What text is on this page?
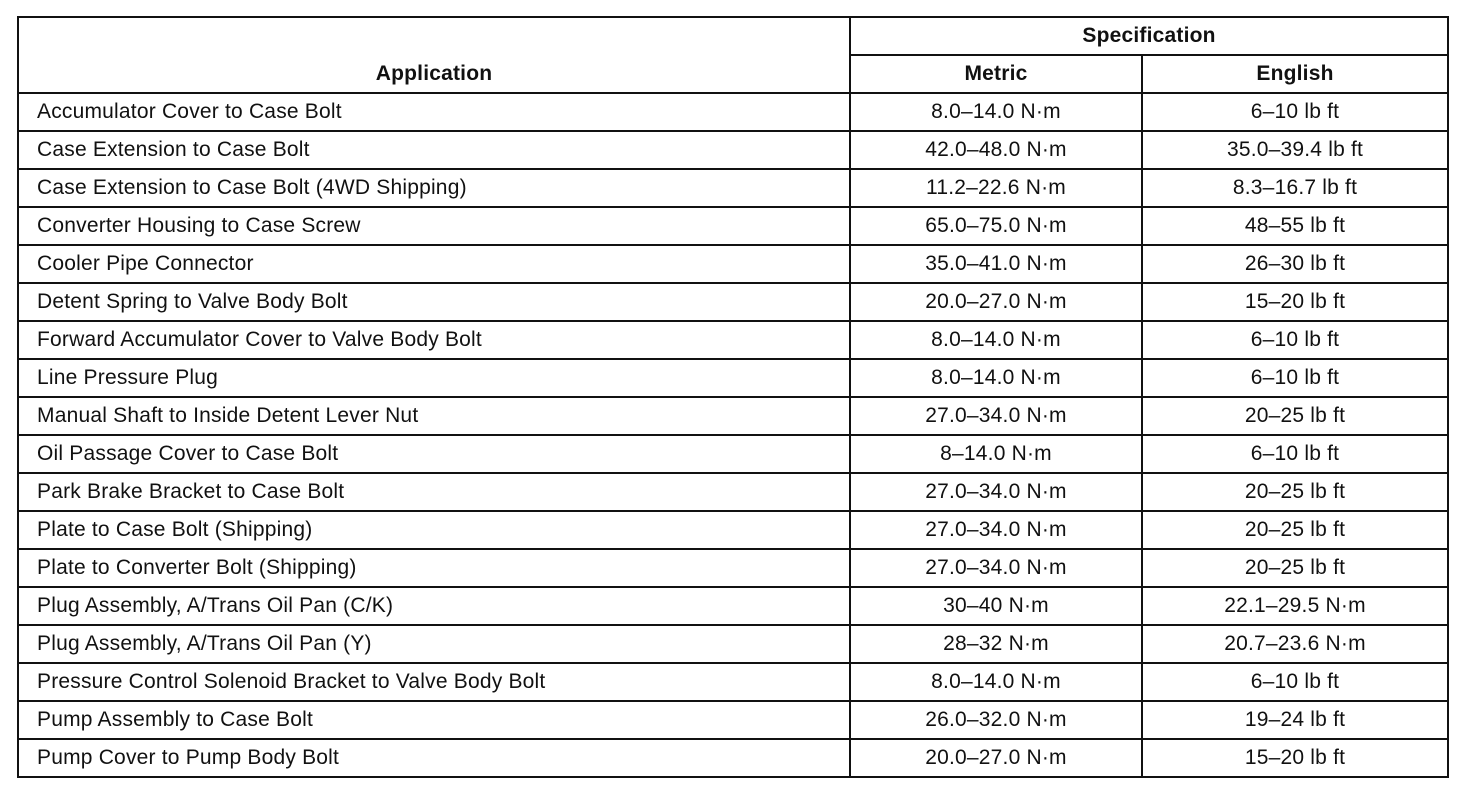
Application	Specification	
	Metric	English
Accumulator Cover to Case Bolt	8.0–14.0 N·m	6–10 lb ft
Case Extension to Case Bolt	42.0–48.0 N·m	35.0–39.4 lb ft
Case Extension to Case Bolt (4WD Shipping)	11.2–22.6 N·m	8.3–16.7 lb ft
Converter Housing to Case Screw	65.0–75.0 N·m	48–55 lb ft
Cooler Pipe Connector	35.0–41.0 N·m	26–30 lb ft
Detent Spring to Valve Body Bolt	20.0–27.0 N·m	15–20 lb ft
Forward Accumulator Cover to Valve Body Bolt	8.0–14.0 N·m	6–10 lb ft
Line Pressure Plug	8.0–14.0 N·m	6–10 lb ft
Manual Shaft to Inside Detent Lever Nut	27.0–34.0 N·m	20–25 lb ft
Oil Passage Cover to Case Bolt	8–14.0 N·m	6–10 lb ft
Park Brake Bracket to Case Bolt	27.0–34.0 N·m	20–25 lb ft
Plate to Case Bolt (Shipping)	27.0–34.0 N·m	20–25 lb ft
Plate to Converter Bolt (Shipping)	27.0–34.0 N·m	20–25 lb ft
Plug Assembly, A/Trans Oil Pan (C/K)	30–40 N·m	22.1–29.5 N·m
Plug Assembly, A/Trans Oil Pan (Y)	28–32 N·m	20.7–23.6 N·m
Pressure Control Solenoid Bracket to Valve Body Bolt	8.0–14.0 N·m	6–10 lb ft
Pump Assembly to Case Bolt	26.0–32.0 N·m	19–24 lb ft
Pump Cover to Pump Body Bolt	20.0–27.0 N·m	15–20 lb ft
